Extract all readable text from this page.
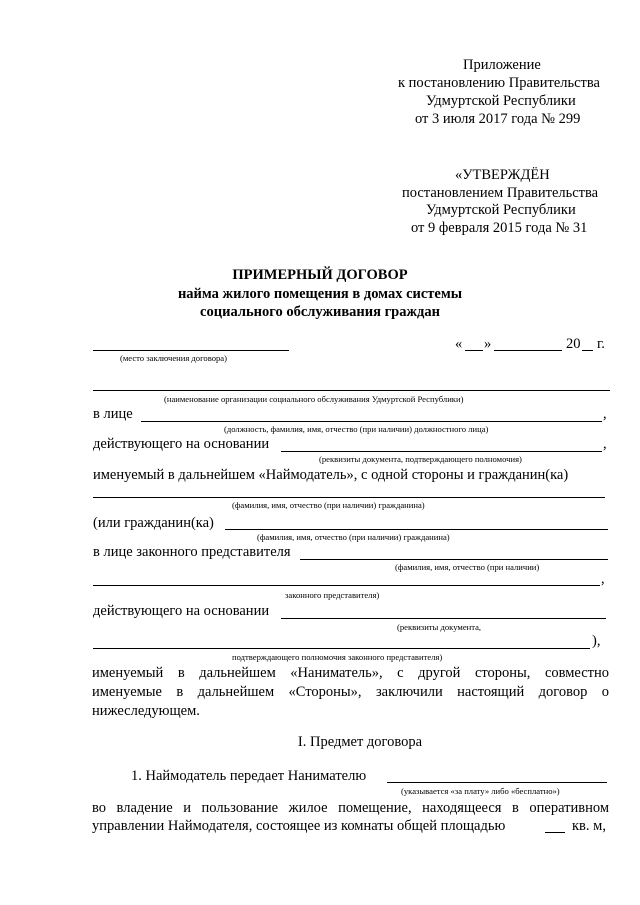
Приложение
к постановлению Правительства
Удмуртской Республики
от 3 июля 2017 года № 299
«УТВЕРЖДЁН
постановлением Правительства
Удмуртской Республики
от 9 февраля 2015 года № 31
ПРИМЕРНЫЙ ДОГОВОР
найма жилого помещения в домах системы
социального обслуживания граждан
(место заключения договора)
« »	20 г.
(наименование организации социального обслуживания Удмуртской Республики)
в лице	,
(должность, фамилия, имя, отчество (при наличии) должностного лица)
действующего на основании	,
(реквизиты документа, подтверждающего полномочия)
именуемый в дальнейшем «Наймодатель», с одной стороны и гражданин(ка)
(фамилия, имя, отчество (при наличии) гражданина)
(или гражданин(ка)
(фамилия, имя, отчество (при наличии) гражданина)
в лице законного представителя
(фамилия, имя, отчество (при наличии)
,
законного представителя)
действующего на основании
(реквизиты документа,
),
подтверждающего полномочия законного представителя)
именуемый в дальнейшем «Наниматель», с другой стороны, совместно
именуемые в дальнейшем «Стороны», заключили настоящий договор о
нижеследующем.
I. Предмет договора
1. Наймодатель передает Нанимателю
(указывается «за плату» либо «бесплатно»)
во владение и пользование жилое помещение, находящееся в оперативном
управлении Наймодателя, состоящее из комнаты общей площадью	кв. м,
